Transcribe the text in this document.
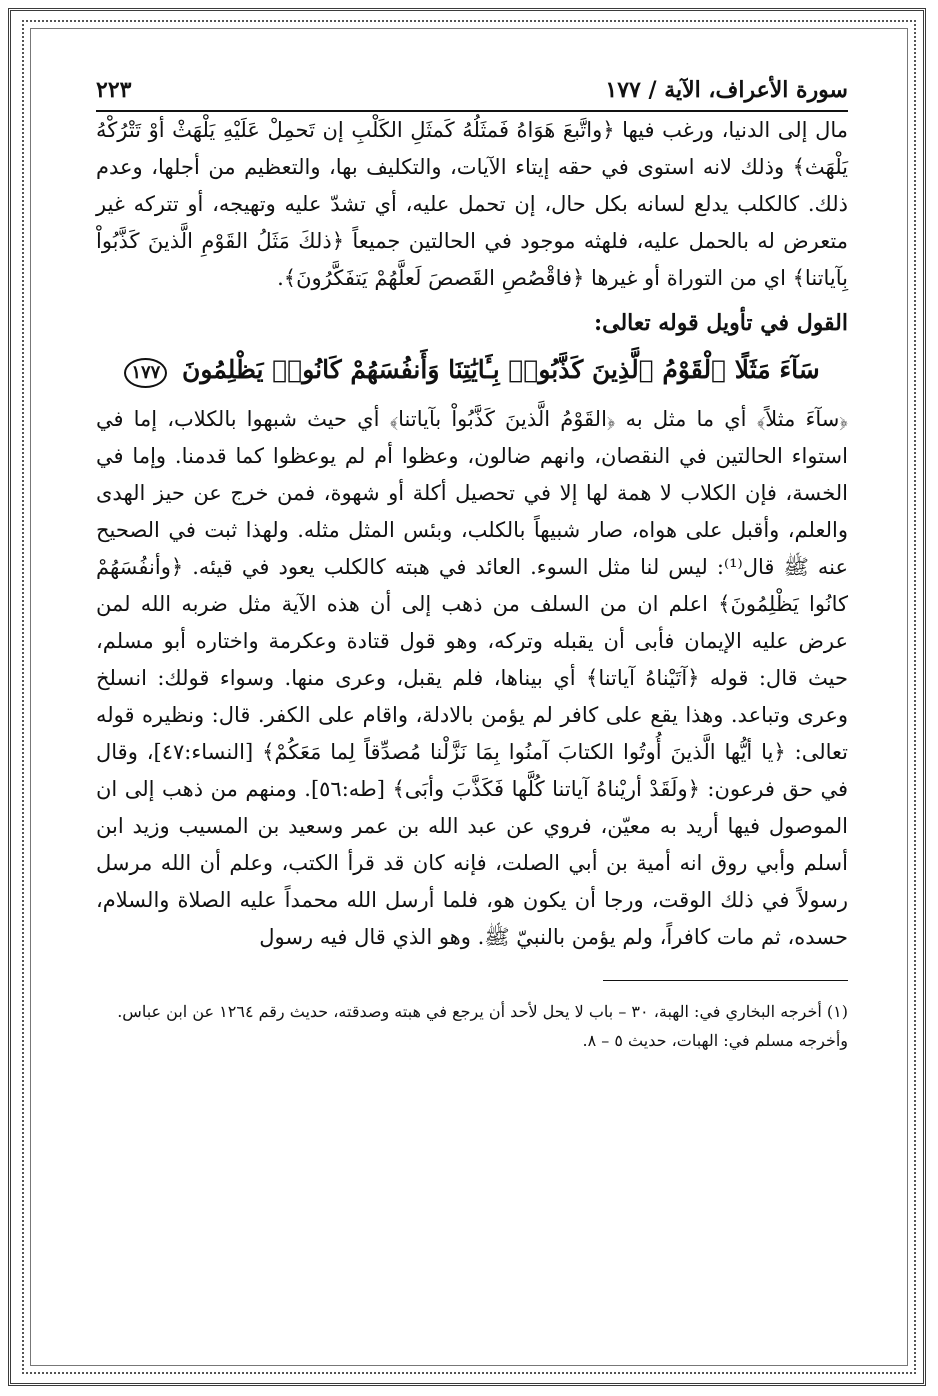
سورة الأعراف، الآية / ١٧٧
٢٢٣

مال إلى الدنيا، ورغب فيها ﴿واتَّبعَ هَوَاهُ فَمثَلُهُ كَمثَلِ الكَلْبِ إن تَحمِلْ عَلَيْهِ يَلْهَثْ أوْ تَتْرُكْهُ يَلْهَث﴾ وذلك لانه استوى في حقه إيتاء الآيات، والتكليف بها، والتعظيم من أجلها، وعدم ذلك. كالكلب يدلع لسانه بكل حال، إن تحمل عليه، أي تشدّ عليه وتهيجه، أو تتركه غير متعرض له بالحمل عليه، فلهثه موجود في الحالتين جميعاً ﴿ذلكَ مَثَلُ القَوْمِ الَّذينَ كَذَّبُواْ بِآياتنا﴾ اي من التوراة أو غيرها ﴿فاقْصُصِ القَصصَ لَعلَّهُمْ يَتفَكَّرُونَ﴾.

القول في تأويل قوله تعالى:
سَآءَ مَثَلًا ٱلْقَوْمُ ٱلَّذِينَ كَذَّبُوا۟ بِـَٔايَٰتِنَا وَأَنفُسَهُمْ كَانُوا۟ يَظْلِمُونَ ١٧٧

﴿سآءَ مثلاً﴾ أي ما مثل به ﴿القَوْمُ الَّذينَ كَذَّبُواْ بآياتنا﴾ أي حيث شبهوا بالكلاب، إما في استواء الحالتين في النقصان، وانهم ضالون، وعظوا أم لم يوعظوا كما قدمنا. وإما في الخسة، فإن الكلاب لا همة لها إلا في تحصيل أكلة أو شهوة، فمن خرج عن حيز الهدى والعلم، وأقبل على هواه، صار شبيهاً بالكلب، وبئس المثل مثله. ولهذا ثبت في الصحيح عنه ﷺ قال⁽¹⁾: ليس لنا مثل السوء. العائد في هبته كالكلب يعود في قيئه. ﴿وأنفُسَهُمْ كانُوا يَظْلِمُونَ﴾ اعلم ان من السلف من ذهب إلى أن هذه الآية مثل ضربه الله لمن عرض عليه الإيمان فأبى أن يقبله وتركه، وهو قول قتادة وعكرمة واختاره أبو مسلم، حيث قال: قوله ﴿آتَيْناهُ آياتنا﴾ أي بيناها، فلم يقبل، وعرى منها. وسواء قولك: انسلخ وعرى وتباعد. وهذا يقع على كافر لم يؤمن بالادلة، واقام على الكفر. قال: ونظيره قوله تعالى: ﴿يا أيُّها الَّذينَ أُوتُوا الكتابَ آمنُوا بِمَا نَزَّلْنا مُصدِّقاً لِما مَعَكُمْ﴾ [النساء:٤٧]، وقال في حق فرعون: ﴿ولَقَدْ أريْناهُ آياتنا كُلَّها فَكَذَّبَ وأبَى﴾ [طه:٥٦]. ومنهم من ذهب إلى ان الموصول فيها أريد به معيّن، فروي عن عبد الله بن عمر وسعيد بن المسيب وزيد ابن أسلم وأبي روق انه أمية بن أبي الصلت، فإنه كان قد قرأ الكتب، وعلم أن الله مرسل رسولاً في ذلك الوقت، ورجا أن يكون هو، فلما أرسل الله محمداً عليه الصلاة والسلام، حسده، ثم مات كافراً، ولم يؤمن بالنبيّ ﷺ. وهو الذي قال فيه رسول

(١) أخرجه البخاري في: الهبة، ٣٠ – باب لا يحل لأحد أن يرجع في هبته وصدقته، حديث رقم ١٢٦٤ عن ابن عباس.

وأخرجه مسلم في: الهبات، حديث ٥ – ٨.
